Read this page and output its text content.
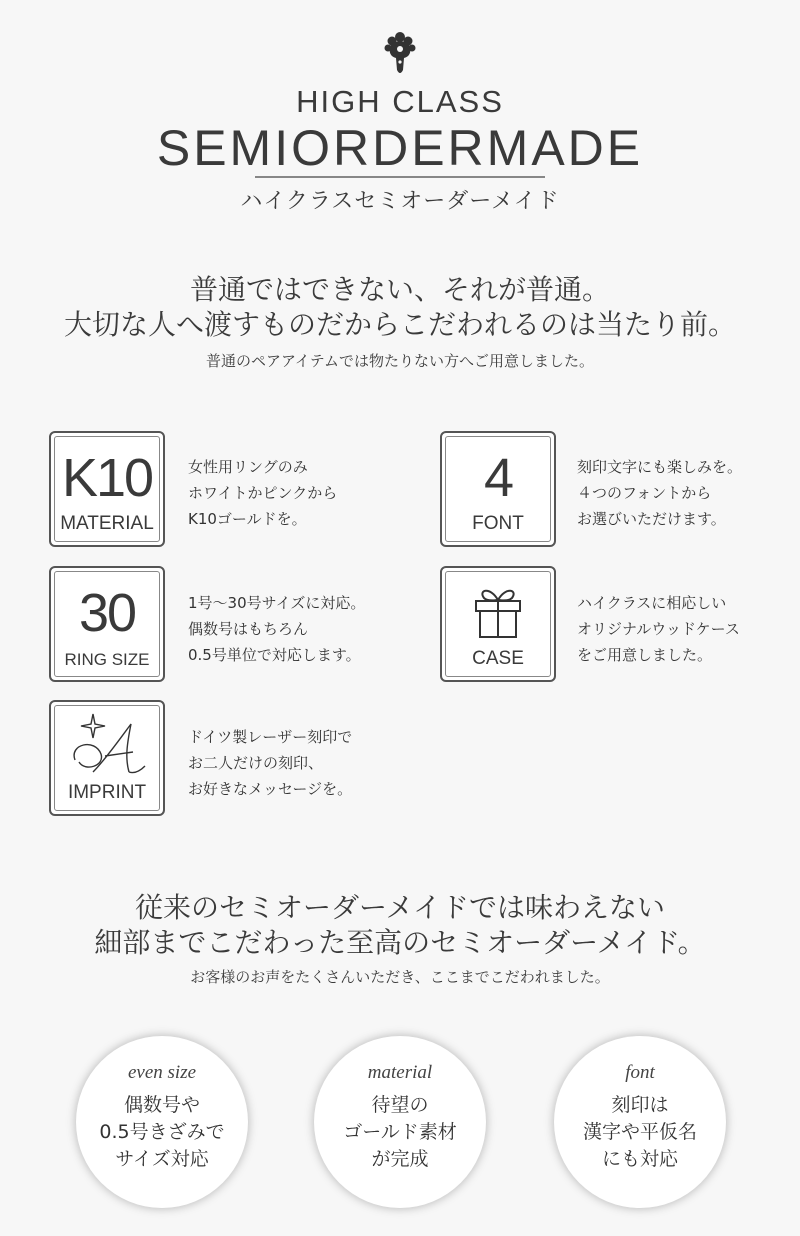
HIGH CLASS
SEMIORDERMADE
ハイクラスセミオーダーメイド
普通ではできない、それが普通。
大切な人へ渡すものだからこだわれるのは当たり前。
普通のペアアイテムでは物たりない方へご用意しました。
K10
MATERIAL
女性用リングのみ
ホワイトかピンクから
K10ゴールドを。
4
FONT
刻印文字にも楽しみを。
４つのフォントから
お選びいただけます。
30
RING SIZE
1号〜30号サイズに対応。
偶数号はもちろん
0.5号単位で対応します。	CASE
ハイクラスに相応しい
オリジナルウッドケース
をご用意しました。
IMPRINT
ドイツ製レーザー刻印で
お二人だけの刻印、
お好きなメッセージを。
従来のセミオーダーメイドでは味わえない
細部までこだわった至高のセミオーダーメイド。
お客様のお声をたくさんいただき、ここまでこだわれました。
even size
偶数号や
0.5号きざみで
サイズ対応
material
待望の
ゴールド素材
が完成
font
刻印は
漢字や平仮名
にも対応
